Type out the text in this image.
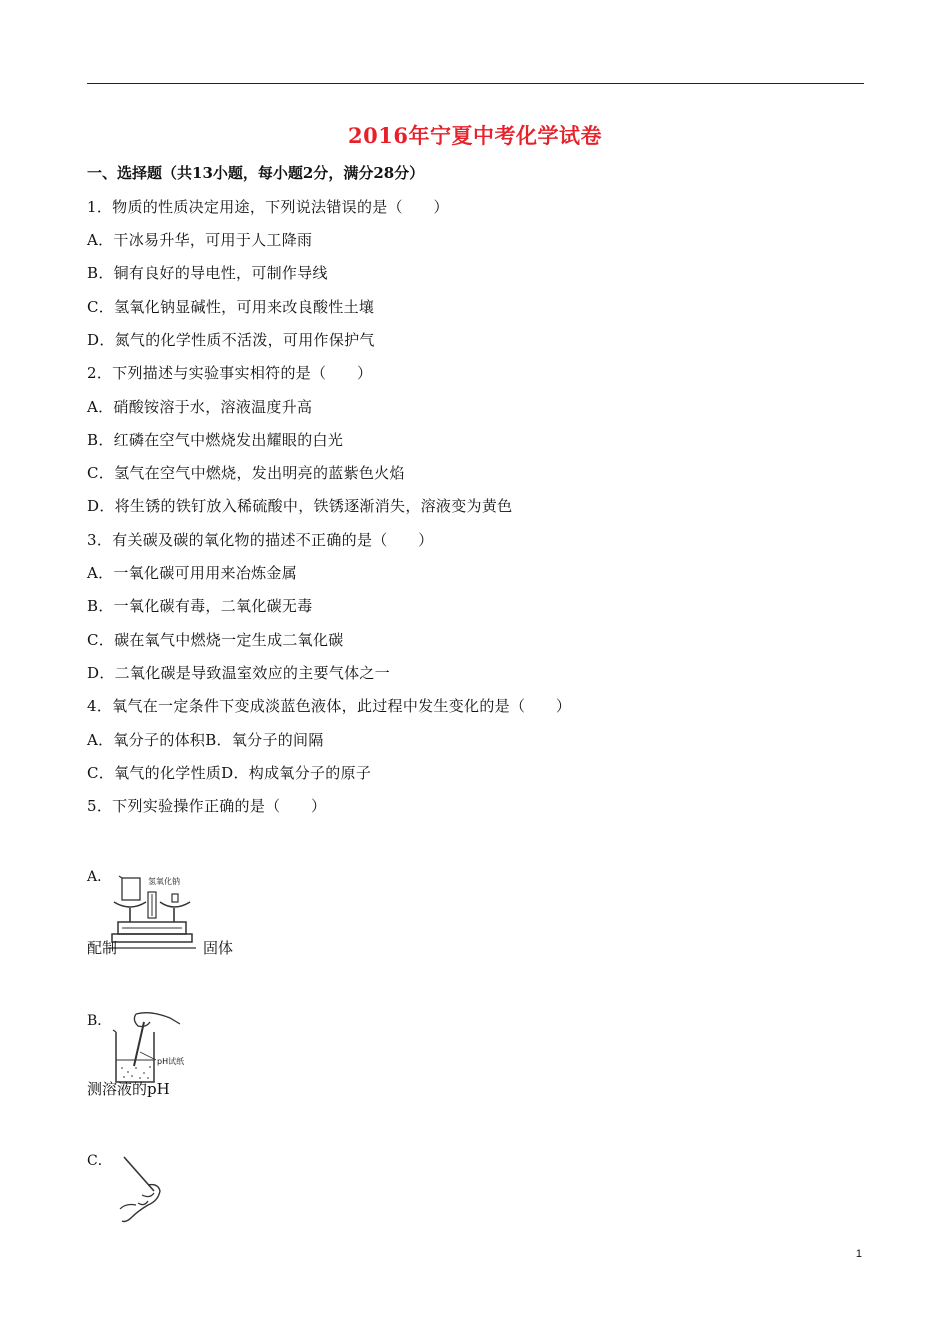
2016年宁夏中考化学试卷
一、选择题（共13小题，每小题2分，满分28分）
1．物质的性质决定用途，下列说法错误的是（　　）
A．干冰易升华，可用于人工降雨
B．铜有良好的导电性，可制作导线
C．氢氧化钠显碱性，可用来改良酸性土壤
D．氮气的化学性质不活泼，可用作保护气
2．下列描述与实验事实相符的是（　　）
A．硝酸铵溶于水，溶液温度升高
B．红磷在空气中燃烧发出耀眼的白光
C．氢气在空气中燃烧，发出明亮的蓝紫色火焰
D．将生锈的铁钉放入稀硫酸中，铁锈逐渐消失，溶液变为黄色
3．有关碳及碳的氧化物的描述不正确的是（　　）
A．一氧化碳可用用来冶炼金属
B．一氧化碳有毒，二氧化碳无毒
C．碳在氧气中燃烧一定生成二氧化碳
D．二氧化碳是导致温室效应的主要气体之一
4．氧气在一定条件下变成淡蓝色液体，此过程中发生变化的是（　　）
A．氧分子的体积B．氧分子的间隔
C．氧气的化学性质D．构成氧分子的原子
5．下列实验操作正确的是（　　）
A．	氢氧化钠
配制	固体
B．
pH试纸
测溶液的pH
C．
1
